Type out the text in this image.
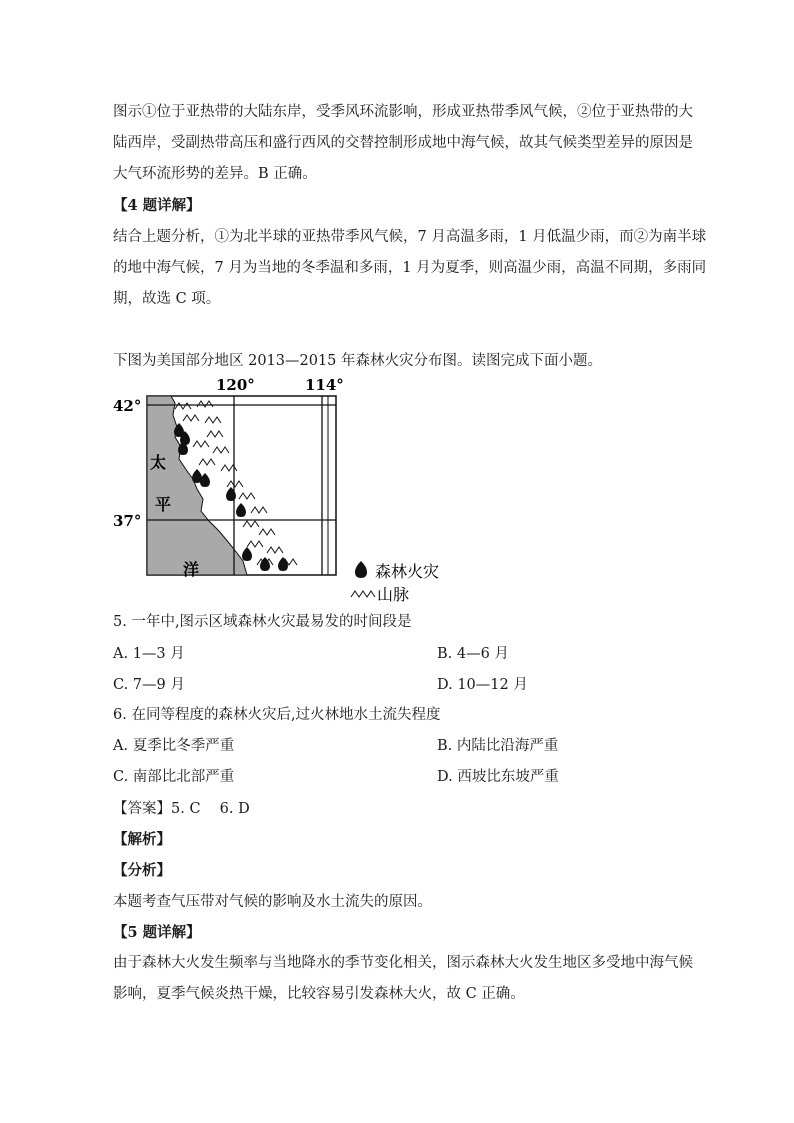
图示①位于亚热带的大陆东岸，受季风环流影响，形成亚热带季风气候，②位于亚热带的大
陆西岸，受副热带高压和盛行西风的交替控制形成地中海气候，故其气候类型差异的原因是
大气环流形势的差异。B 正确。

【4 题详解】

结合上题分析，①为北半球的亚热带季风气候，7 月高温多雨，1 月低温少雨，而②为南半球
的地中海气候，7 月为当地的冬季温和多雨，1 月为夏季，则高温少雨，高温不同期，多雨同
期，故选 C 项。

下图为美国部分地区 2013—2015 年森林火灾分布图。读图完成下面小题。

120°	114°
42°
37°
太
平
洋	森林火灾
山脉
5. 一年中,图示区域森林火灾最易发的时间段是
A. 1—3 月	B. 4—6 月
C. 7—9 月	D. 10—12 月
6. 在同等程度的森林火灾后,过火林地水土流失程度
A. 夏季比冬季严重	B. 内陆比沿海严重
C. 南部比北部严重	D. 西坡比东坡严重
【答案】5. C　 6. D
【解析】
【分析】
本题考查气压带对气候的影响及水土流失的原因。
【5 题详解】

由于森林大火发生频率与当地降水的季节变化相关，图示森林大火发生地区多受地中海气候
影响，夏季气候炎热干燥，比较容易引发森林大火，故 C 正确。
